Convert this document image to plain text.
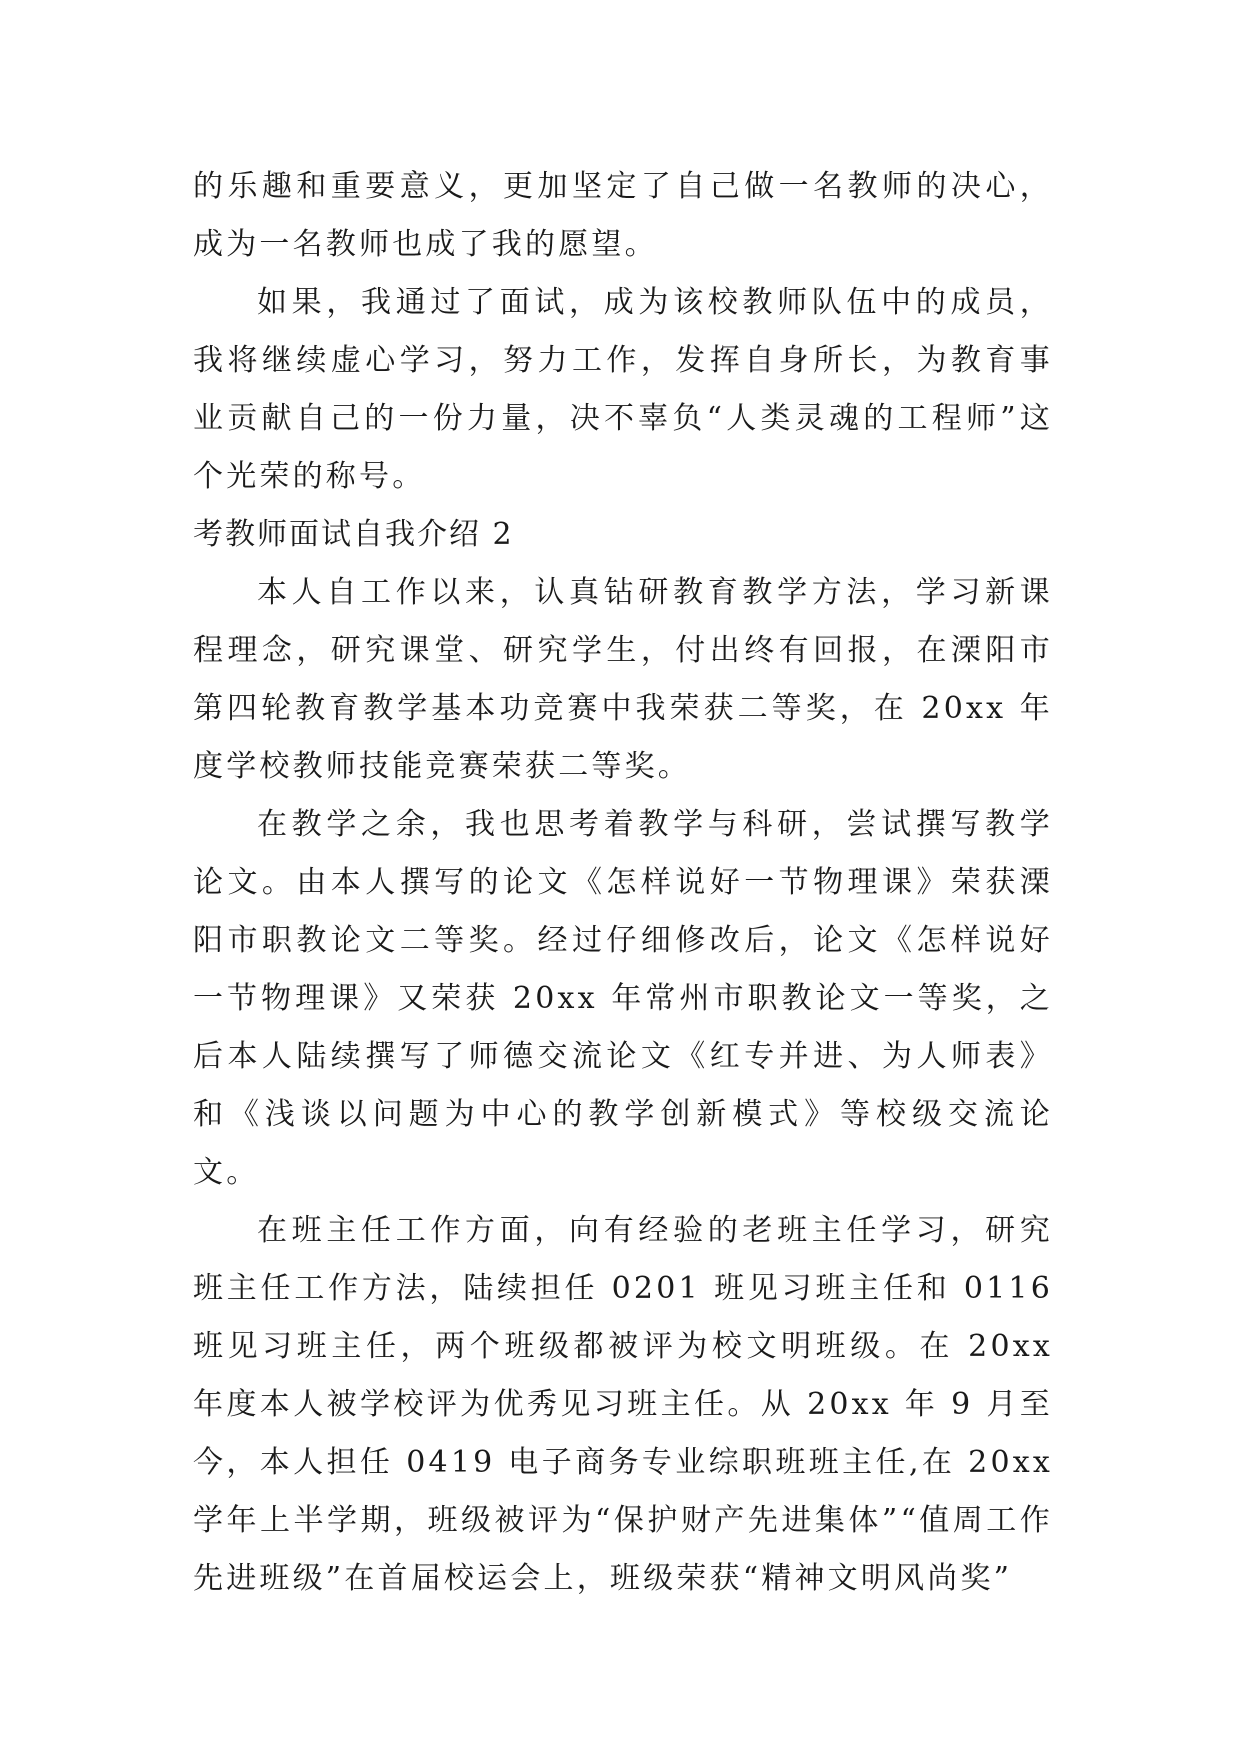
的乐趣和重要意义，更加坚定了自己做一名教师的决心，成为一名教师也成了我的愿望。

如果，我通过了面试，成为该校教师队伍中的成员，我将继续虚心学习，努力工作，发挥自身所长，为教育事业贡献自己的一份力量，决不辜负“人类灵魂的工程师”这个光荣的称号。

考教师面试自我介绍 2

本人自工作以来，认真钻研教育教学方法，学习新课程理念，研究课堂、研究学生，付出终有回报，在溧阳市第四轮教育教学基本功竞赛中我荣获二等奖，在 20xx 年度学校教师技能竞赛荣获二等奖。

在教学之余，我也思考着教学与科研，尝试撰写教学论文。由本人撰写的论文《怎样说好一节物理课》荣获溧阳市职教论文二等奖。经过仔细修改后，论文《怎样说好一节物理课》又荣获 20xx 年常州市职教论文一等奖，之后本人陆续撰写了师德交流论文《红专并进、为人师表》和《浅谈以问题为中心的教学创新模式》等校级交流论文。

在班主任工作方面，向有经验的老班主任学习，研究班主任工作方法，陆续担任 0201 班见习班主任和 0116 班见习班主任，两个班级都被评为校文明班级。在 20xx 年度本人被学校评为优秀见习班主任。从 20xx 年 9 月至今，本人担任 0419 电子商务专业综职班班主任,在 20xx 学年上半学期，班级被评为“保护财产先进集体”“值周工作先进班级”在首届校运会上，班级荣获“精神文明风尚奖”
